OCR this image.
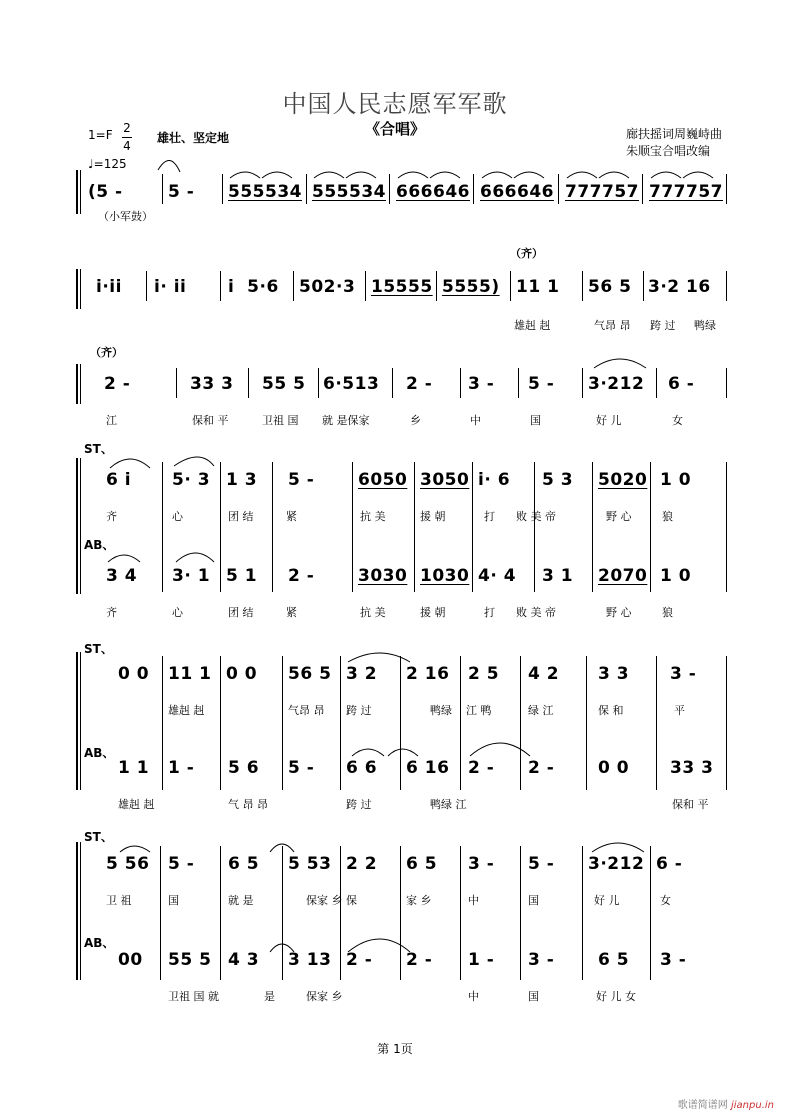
中国人民志愿军军歌
《合唱》
1=F 2
4
雄壮、坚定地
♩=125
廊扶摇词周巍峙曲
朱顺宝合唱改编
(5 -	5 - 555534 555534 666646 666646 777757 777757
（小军鼓）
（齐）
i·ii i· ii i  5·6 502·3 15555 5555) 11 1 56 5 3·2 16
雄赳 赳	气昂 昂 跨 过 鸭绿
（齐）
2 -	33 3 55 5 6·513 2 - 3 - 5 - 3·212 6 -
江	保和 平	卫祖 国 就 是保家	乡	中	国	好 儿	女
ST、
AB、
6 i 5· 3 1 3 5 -	6050 3050 i· 6 5 3 5020 1 0
齐	心	团 结	紧	抗 美	援 朝	打 败 美 帝	野 心	狼
3 4 3· 1 5 1 2 -	3030 1030 4· 4 3 1 2070 1 0
齐	心	团 结	紧	抗 美	援 朝	打 败 美 帝	野 心	狼
ST、
AB、
0 0 11 1 0 0 56 5 3 2 2 16 2 5 4 2 3 3 3 -
雄赳 赳	气昂 昂 跨 过	鸭绿 江 鸭	绿 江	保 和	平
1 1 1 - 5 6 5 - 6 6 6 16 2 - 2 -	0 0 33 3
雄赳 赳	气 昂 昂	跨 过	鸭绿 江	保和 平
ST、
AB、
5 56 5 - 6 5 5 53 2 2 6 5 3 - 5 - 3·212 6 -
卫 祖	国	就 是	保家 乡 保	家 乡	中	国	好 儿	女
00 55 5 4 3 3 13 2 - 2 - 1 - 3 -	6 5 3 -
卫祖 国 就	是	保家 乡	中	国	好 儿 女
第 1页
歌谱简谱网 jianpu.in
